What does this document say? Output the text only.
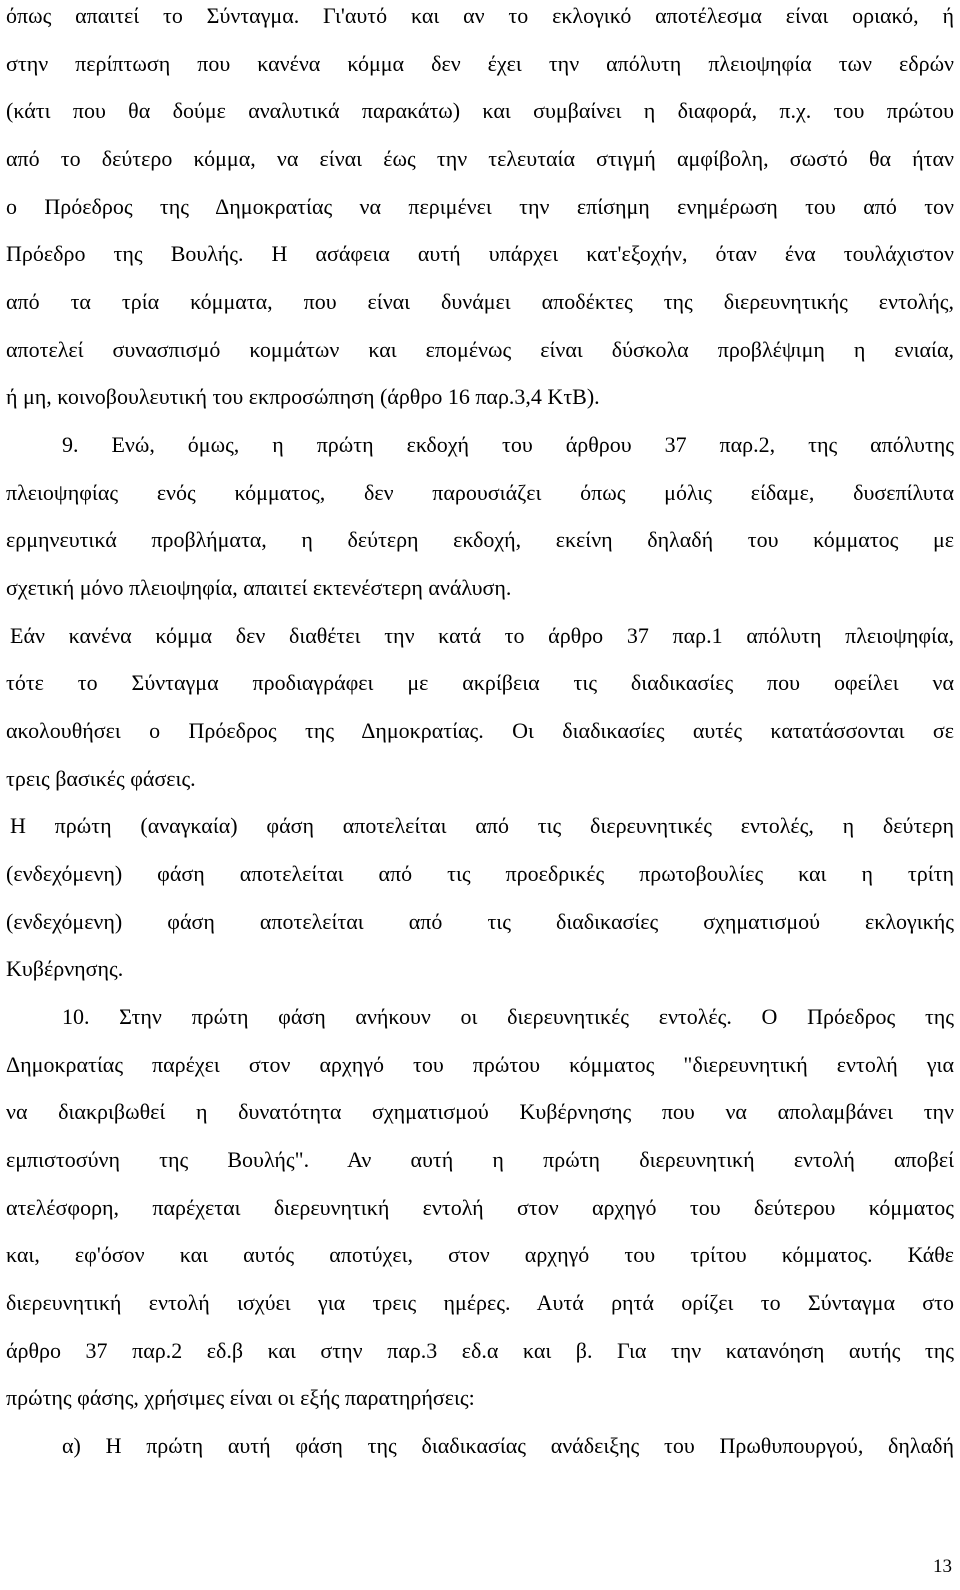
όπως απαιτεί το Σύνταγμα. Γι'αυτό και αν το εκλογικό αποτέλεσμα είναι οριακό, ή
στην περίπτωση που κανένα κόμμα δεν έχει την απόλυτη πλειοψηφία των εδρών
(κάτι που θα δούμε αναλυτικά παρακάτω) και συμβαίνει η διαφορά, π.χ. του πρώτου
από το δεύτερο κόμμα, να είναι έως την τελευταία στιγμή αμφίβολη, σωστό θα ήταν
ο Πρόεδρος της Δημοκρατίας να περιμένει την επίσημη ενημέρωση του από τον
Πρόεδρο της Βουλής. Η ασάφεια αυτή υπάρχει κατ'εξοχήν, όταν ένα τουλάχιστον
από τα τρία κόμματα, που είναι δυνάμει αποδέκτες της διερευνητικής εντολής,
αποτελεί συνασπισμό κομμάτων και επομένως είναι δύσκολα προβλέψιμη η ενιαία,
ή μη, κοινοβουλευτική του εκπροσώπηση (άρθρο 16 παρ.3,4 ΚτΒ).
9. Ενώ, όμως, η πρώτη εκδοχή του άρθρου 37 παρ.2, της απόλυτης
πλειοψηφίας ενός κόμματος, δεν παρουσιάζει όπως μόλις είδαμε, δυσεπίλυτα
ερμηνευτικά προβλήματα, η δεύτερη εκδοχή, εκείνη δηλαδή του κόμματος με
σχετική μόνο πλειοψηφία, απαιτεί εκτενέστερη ανάλυση.
Εάν κανένα κόμμα δεν διαθέτει την κατά το άρθρο 37 παρ.1 απόλυτη πλειοψηφία,
τότε το Σύνταγμα προδιαγράφει με ακρίβεια τις διαδικασίες που οφείλει να
ακολουθήσει ο Πρόεδρος της Δημοκρατίας. Οι διαδικασίες αυτές κατατάσσονται σε
τρεις βασικές φάσεις.
Η πρώτη (αναγκαία) φάση αποτελείται από τις διερευνητικές εντολές, η δεύτερη
(ενδεχόμενη) φάση αποτελείται από τις προεδρικές πρωτοβουλίες και η τρίτη
(ενδεχόμενη) φάση αποτελείται από τις διαδικασίες σχηματισμού εκλογικής
Κυβέρνησης.
10. Στην πρώτη φάση ανήκουν οι διερευνητικές εντολές. Ο Πρόεδρος της
Δημοκρατίας παρέχει στον αρχηγό του πρώτου κόμματος "διερευνητική εντολή για
να διακριβωθεί η δυνατότητα σχηματισμού Κυβέρνησης που να απολαμβάνει την
εμπιστοσύνη της Βουλής". Αν αυτή η πρώτη διερευνητική εντολή αποβεί
ατελέσφορη, παρέχεται διερευνητική εντολή στον αρχηγό του δεύτερου κόμματος
και, εφ'όσον και αυτός αποτύχει, στον αρχηγό του τρίτου κόμματος. Κάθε
διερευνητική εντολή ισχύει για τρεις ημέρες. Αυτά ρητά ορίζει το Σύνταγμα στο
άρθρο 37 παρ.2 εδ.β και στην παρ.3 εδ.α και β. Για την κατανόηση αυτής της
πρώτης φάσης, χρήσιμες είναι οι εξής παρατηρήσεις:
α) Η πρώτη αυτή φάση της διαδικασίας ανάδειξης του Πρωθυπουργού, δηλαδή
13
